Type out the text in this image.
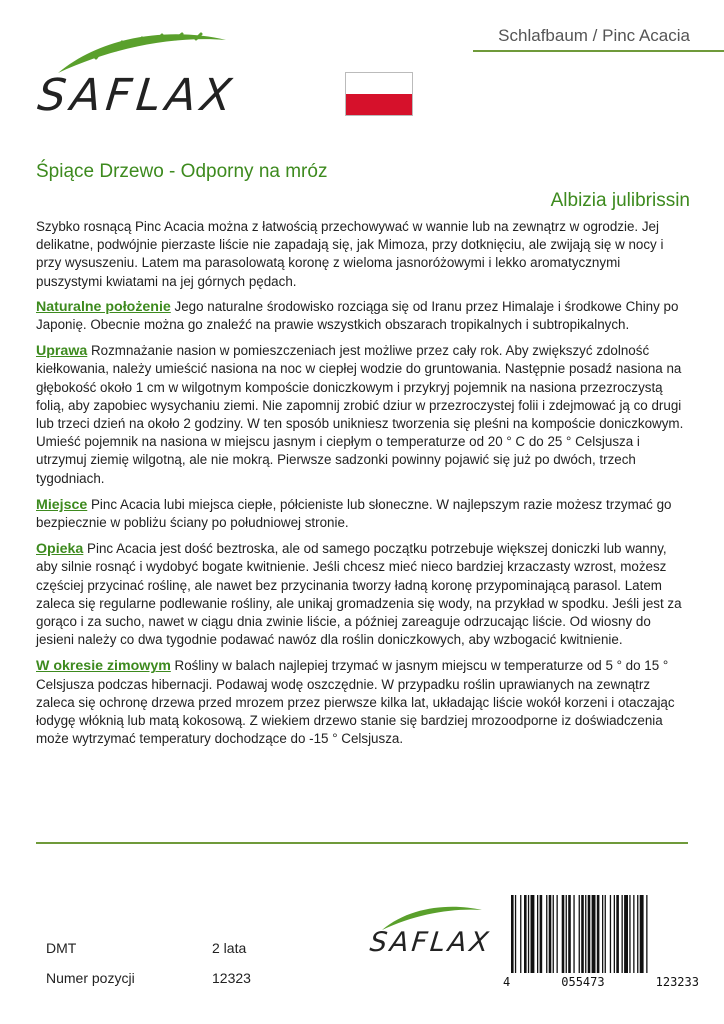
Schlafbaum / Pinc Acacia
SAFLAX
Śpiące Drzewo - Odporny na mróz
Albizia julibrissin

Szybko rosnącą Pinc Acacia można z łatwością przechowywać w wannie lub na zewnątrz w ogrodzie. Jej delikatne, podwójnie pierzaste liście nie zapadają się, jak Mimoza, przy dotknięciu, ale zwijają się w nocy i przy wysuszeniu. Latem ma parasolowatą koronę z wieloma jasnoróżowymi i lekko aromatycznymi puszystymi kwiatami na jej górnych pędach.

Naturalne położenie Jego naturalne środowisko rozciąga się od Iranu przez Himalaje i środkowe Chiny po Japonię. Obecnie można go znaleźć na prawie wszystkich obszarach tropikalnych i subtropikalnych.

Uprawa Rozmnażanie nasion w pomieszczeniach jest możliwe przez cały rok. Aby zwiększyć zdolność kiełkowania, należy umieścić nasiona na noc w ciepłej wodzie do gruntowania. Następnie posadź nasiona na głębokość około 1 cm w wilgotnym kompoście doniczkowym i przykryj pojemnik na nasiona przezroczystą folią, aby zapobiec wysychaniu ziemi. Nie zapomnij zrobić dziur w przezroczystej folii i zdejmować ją co drugi lub trzeci dzień na około 2 godziny. W ten sposób unikniesz tworzenia się pleśni na kompoście doniczkowym. Umieść pojemnik na nasiona w miejscu jasnym i ciepłym o temperaturze od 20 ° C do 25 ° Celsjusza i utrzymuj ziemię wilgotną, ale nie mokrą. Pierwsze sadzonki powinny pojawić się już po dwóch, trzech tygodniach.

Miejsce Pinc Acacia lubi miejsca ciepłe, półcieniste lub słoneczne. W najlepszym razie możesz trzymać go bezpiecznie w pobliżu ściany po południowej stronie.

Opieka Pinc Acacia jest dość beztroska, ale od samego początku potrzebuje większej doniczki lub wanny, aby silnie rosnąć i wydobyć bogate kwitnienie. Jeśli chcesz mieć nieco bardziej krzaczasty wzrost, możesz częściej przycinać roślinę, ale nawet bez przycinania tworzy ładną koronę przypominającą parasol. Latem zaleca się regularne podlewanie rośliny, ale unikaj gromadzenia się wody, na przykład w spodku. Jeśli jest za gorąco i za sucho, nawet w ciągu dnia zwinie liście, a później zareaguje odrzucając liście. Od wiosny do jesieni należy co dwa tygodnie podawać nawóz dla roślin doniczkowych, aby wzbogacić kwitnienie.

W okresie zimowym Rośliny w balach najlepiej trzymać w jasnym miejscu w temperaturze od 5 ° do 15 ° Celsjusza podczas hibernacji. Podawaj wodę oszczędnie. W przypadku roślin uprawianych na zewnątrz zaleca się ochronę drzewa przed mrozem przez pierwsze kilka lat, układając liście wokół korzeni i otaczając łodygę włóknią lub matą kokosową. Z wiekiem drzewo stanie się bardziej mrozoodporne iz doświadczenia może wytrzymać temperatury dochodzące do -15 ° Celsjusza.

DMT	2 lata
Numer pozycji	12323
SAFLAX
4	055473	123233
